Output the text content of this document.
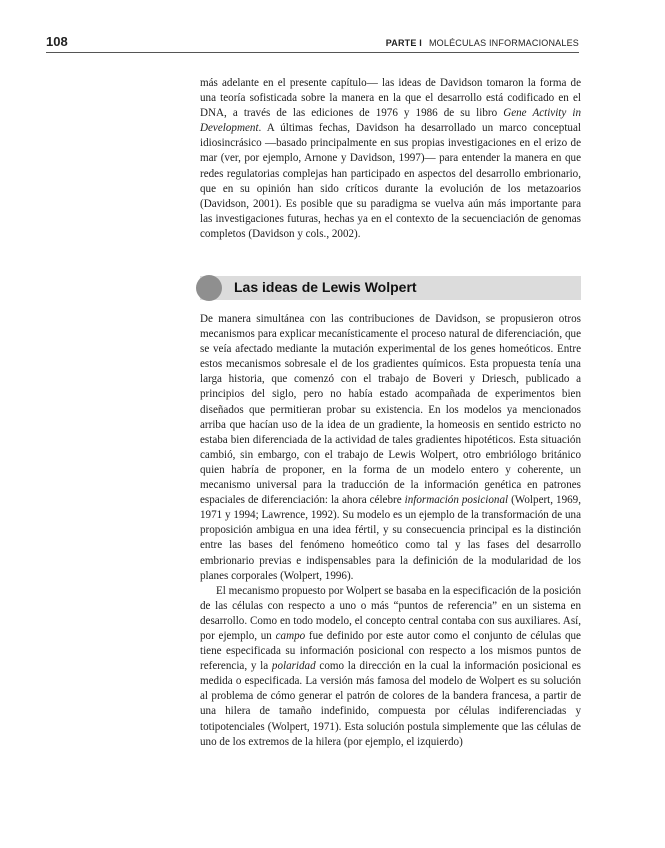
108	PARTE I MOLÉCULAS INFORMACIONALES

más adelante en el presente capítulo— las ideas de Davidson tomaron la forma de una teoría sofisticada sobre la manera en la que el desarrollo está codificado en el DNA, a través de las ediciones de 1976 y 1986 de su libro Gene Activity in Development. A últimas fechas, Davidson ha desarrollado un marco conceptual idiosincrásico —basado principalmente en sus propias investigaciones en el erizo de mar (ver, por ejemplo, Arnone y Davidson, 1997)— para entender la manera en que redes regulatorias complejas han participado en aspectos del desarrollo embrionario, que en su opinión han sido críticos durante la evolución de los metazoarios (Davidson, 2001). Es posible que su paradigma se vuelva aún más importante para las investigaciones futuras, hechas ya en el contexto de la secuenciación de genomas completos (Davidson y cols., 2002).

Las ideas de Lewis Wolpert

De manera simultánea con las contribuciones de Davidson, se propusieron otros mecanismos para explicar mecanísticamente el proceso natural de diferenciación, que se veía afectado mediante la mutación experimental de los genes homeóticos. Entre estos mecanismos sobresale el de los gradientes químicos. Esta propuesta tenía una larga historia, que comenzó con el trabajo de Boveri y Driesch, publicado a principios del siglo, pero no había estado acompañada de experimentos bien diseñados que permitieran probar su existencia. En los modelos ya mencionados arriba que hacían uso de la idea de un gradiente, la homeosis en sentido estricto no estaba bien diferenciada de la actividad de tales gradientes hipotéticos. Esta situación cambió, sin embargo, con el trabajo de Lewis Wolpert, otro embriólogo británico quien habría de proponer, en la forma de un modelo entero y coherente, un mecanismo universal para la traducción de la información genética en patrones espaciales de diferenciación: la ahora célebre información posicional (Wolpert, 1969, 1971 y 1994; Lawrence, 1992). Su modelo es un ejemplo de la transformación de una proposición ambigua en una idea fértil, y su consecuencia principal es la distinción entre las bases del fenómeno homeótico como tal y las fases del desarrollo embrionario previas e indispensables para la definición de la modularidad de los planes corporales (Wolpert, 1996).

El mecanismo propuesto por Wolpert se basaba en la especificación de la posición de las células con respecto a uno o más “puntos de referencia” en un sistema en desarrollo. Como en todo modelo, el concepto central contaba con sus auxiliares. Así, por ejemplo, un campo fue definido por este autor como el conjunto de células que tiene especificada su información posicional con respecto a los mismos puntos de referencia, y la polaridad como la dirección en la cual la información posicional es medida o especificada. La versión más famosa del modelo de Wolpert es su solución al problema de cómo generar el patrón de colores de la bandera francesa, a partir de una hilera de tamaño indefinido, compuesta por células indiferenciadas y totipotenciales (Wolpert, 1971). Esta solución postula simplemente que las células de uno de los extremos de la hilera (por ejemplo, el izquierdo)
